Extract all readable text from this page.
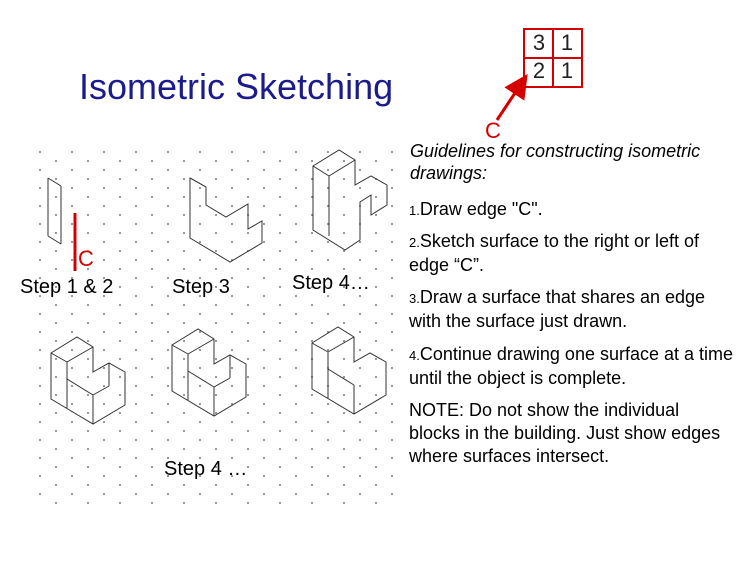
Isometric Sketching
3 1
2 1
C
C
Step 1 & 2	Step 3	Step 4…
Step 4 …
Guidelines for constructing isometric drawings:
1.Draw edge "C".
2.Sketch surface to the right or left of edge “C”.
3.Draw a surface that shares an edge with the surface just drawn.
4.Continue drawing one surface at a time until the object is complete.
NOTE: Do not show the individual blocks in the building. Just show edges where surfaces intersect.
